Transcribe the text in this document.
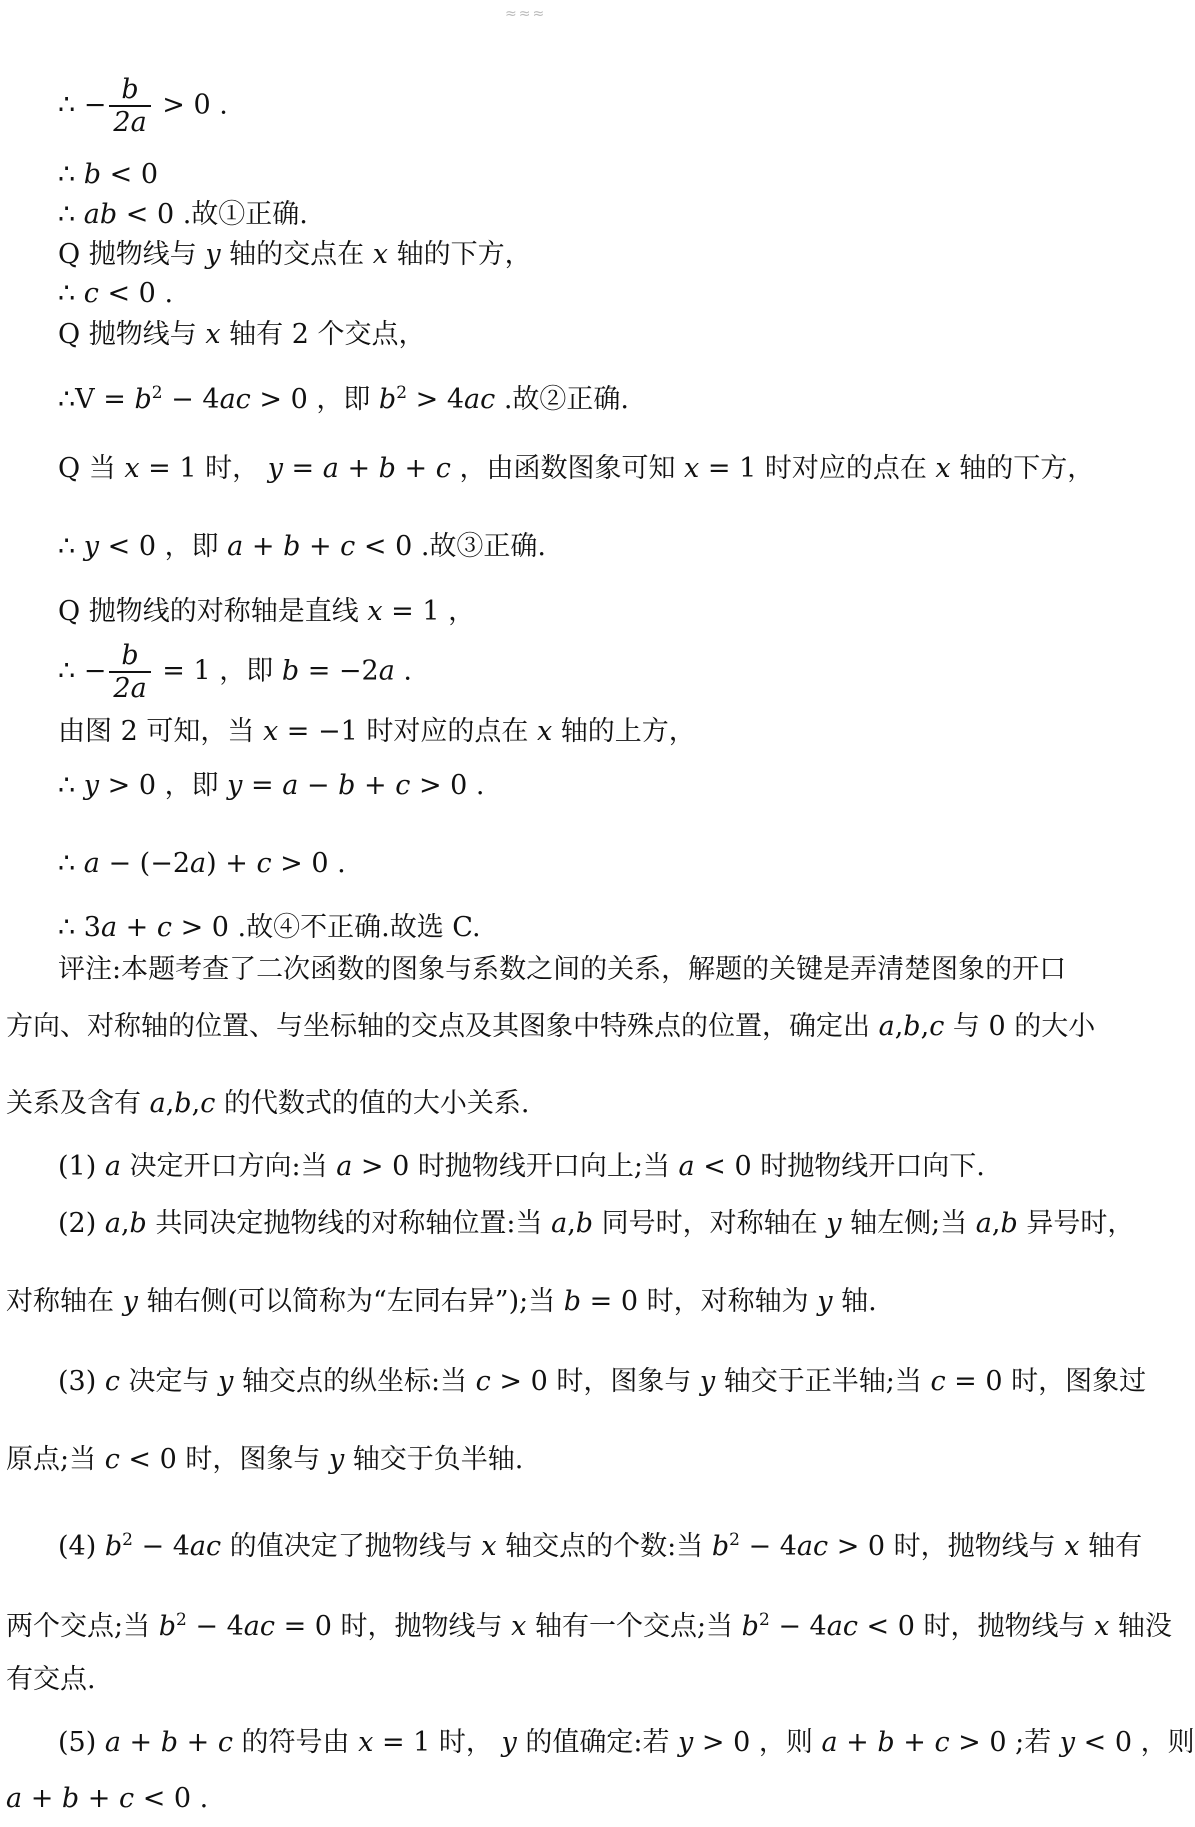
∴ − $\frac{b}{2a} > 0$ .
∴ b < 0
∴ ab < 0 .故①正确.
Q 抛物线与 y 轴的交点在 x 轴的下方，
∴ c < 0 .
Q 抛物线与 x 轴有 2 个交点，
∴V = $b^2 - 4ac > 0$ ，即 $b^2 > 4ac$ .故②正确.
Q 当 x = 1 时， y = a + b + c ，由函数图象可知 x = 1 时对应的点在 x 轴的下方，
∴ y < 0 ，即 a + b + c < 0 .故③正确.
Q 抛物线的对称轴是直线 x = 1 ，
∴ − $\frac{b}{2a} = 1$ ，即 b = −2a .
由图 2 可知，当 x = −1 时对应的点在 x 轴的上方，
∴ y > 0 ，即 y = a − b + c > 0 .
∴ a − (−2a) + c > 0 .
∴ 3a + c > 0 .故④不正确.故选 C.
评注:本题考查了二次函数的图象与系数之间的关系，解题的关键是弄清楚图象的开口
方向、对称轴的位置、与坐标轴的交点及其图象中特殊点的位置，确定出 a,b,c 与 0 的大小
关系及含有 a,b,c 的代数式的值的大小关系.
(1) a 决定开口方向:当 a > 0 时抛物线开口向上;当 a < 0 时抛物线开口向下.
(2) a,b 共同决定抛物线的对称轴位置:当 a,b 同号时，对称轴在 y 轴左侧;当 a,b 异号时，
对称轴在 y 轴右侧(可以简称为“左同右异”);当 b = 0 时，对称轴为 y 轴.
(3) c 决定与 y 轴交点的纵坐标:当 c > 0 时，图象与 y 轴交于正半轴;当 c = 0 时，图象过
原点;当 c < 0 时，图象与 y 轴交于负半轴.
(4) $b^2 - 4ac$ 的值决定了抛物线与 x 轴交点的个数:当 $b^2 - 4ac > 0$ 时，抛物线与 x 轴有
两个交点;当 $b^2 - 4ac = 0$ 时，抛物线与 x 轴有一个交点;当 $b^2 - 4ac < 0$ 时，抛物线与 x 轴没
有交点.
(5) a + b + c 的符号由 x = 1 时， y 的值确定:若 y > 0 ，则 a + b + c > 0 ;若 y < 0 ，则
a + b + c < 0 .
≈≈≈
